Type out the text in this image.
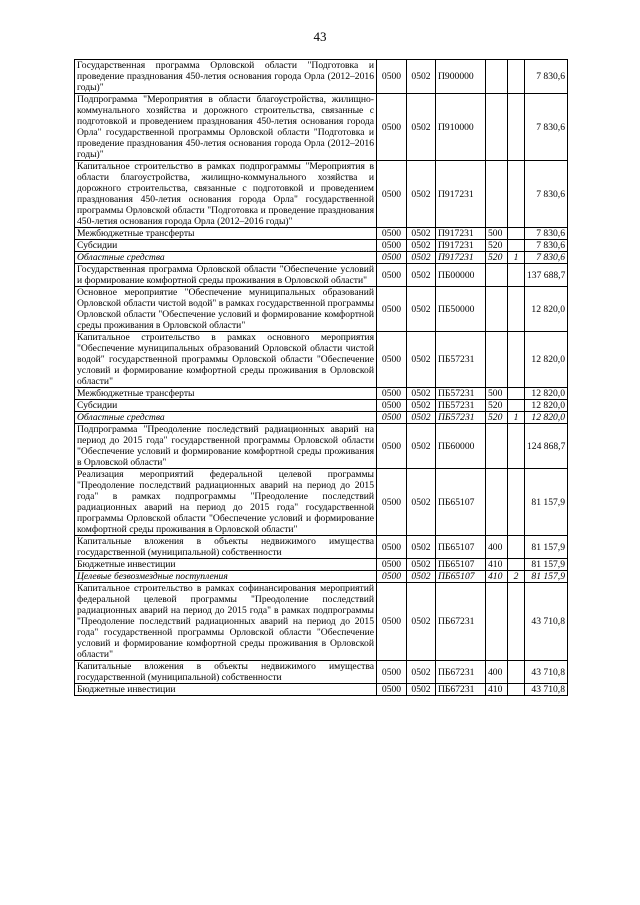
43
Государственная программа Орловской области "Подготовка и проведение празднования 450-летия основания города Орла (2012–2016 годы)"	0500	0502	П900000			7 830,6
Подпрограмма "Мероприятия в области благоустройства, жилищно-коммунального хозяйства и дорожного строительства, связанные с подготовкой и проведением празднования 450-летия основания города Орла" государственной программы Орловской области "Подготовка и проведение празднования 450-летия основания города Орла (2012–2016 годы)"	0500	0502	П910000			7 830,6
Капитальное строительство в рамках подпрограммы "Мероприятия в области благоустройства, жилищно-коммунального хозяйства и дорожного строительства, связанные с подготовкой и проведением празднования 450-летия основания города Орла" государственной программы Орловской области "Подготовка и проведение празднования 450-летия основания города Орла (2012–2016 годы)"	0500	0502	П917231			7 830,6
Межбюджетные трансферты	0500	0502	П917231	500		7 830,6
Субсидии	0500	0502	П917231	520		7 830,6
Областные средства	0500	0502	П917231	520	1	7 830,6
Государственная программа Орловской области "Обеспечение условий и формирование комфортной среды проживания в Орловской области"	0500	0502	ПБ00000			137 688,7
Основное мероприятие "Обеспечение муниципальных образований Орловской области чистой водой" в рамках государственной программы Орловской области "Обеспечение условий и формирование комфортной среды проживания в Орловской области"	0500	0502	ПБ50000			12 820,0
Капитальное строительство в рамках основного мероприятия "Обеспечение муниципальных образований Орловской области чистой водой" государственной программы Орловской области "Обеспечение условий и формирование комфортной среды проживания в Орловской области"	0500	0502	ПБ57231			12 820,0
Межбюджетные трансферты	0500	0502	ПБ57231	500		12 820,0
Субсидии	0500	0502	ПБ57231	520		12 820,0
Областные средства	0500	0502	ПБ57231	520	1	12 820,0
Подпрограмма "Преодоление последствий радиационных аварий на период до 2015 года" государственной программы Орловской области "Обеспечение условий и формирование комфортной среды проживания в Орловской области"	0500	0502	ПБ60000			124 868,7
Реализация мероприятий федеральной целевой программы "Преодоление последствий радиационных аварий на период до 2015 года" в рамках подпрограммы "Преодоление последствий радиационных аварий на период до 2015 года" государственной программы Орловской области "Обеспечение условий и формирование комфортной среды проживания в Орловской области"	0500	0502	ПБ65107			81 157,9
Капитальные вложения в объекты недвижимого имущества государственной (муниципальной) собственности	0500	0502	ПБ65107	400		81 157,9
Бюджетные инвестиции	0500	0502	ПБ65107	410		81 157,9
Целевые безвозмездные поступления	0500	0502	ПБ65107	410	2	81 157,9
Капитальное строительство в рамках софинансирования мероприятий федеральной целевой программы "Преодоление последствий радиационных аварий на период до 2015 года" в рамках подпрограммы "Преодоление последствий радиационных аварий на период до 2015 года" государственной программы Орловской области "Обеспечение условий и формирование комфортной среды проживания в Орловской области"	0500	0502	ПБ67231			43 710,8
Капитальные вложения в объекты недвижимого имущества государственной (муниципальной) собственности	0500	0502	ПБ67231	400		43 710,8
Бюджетные инвестиции	0500	0502	ПБ67231	410		43 710,8
